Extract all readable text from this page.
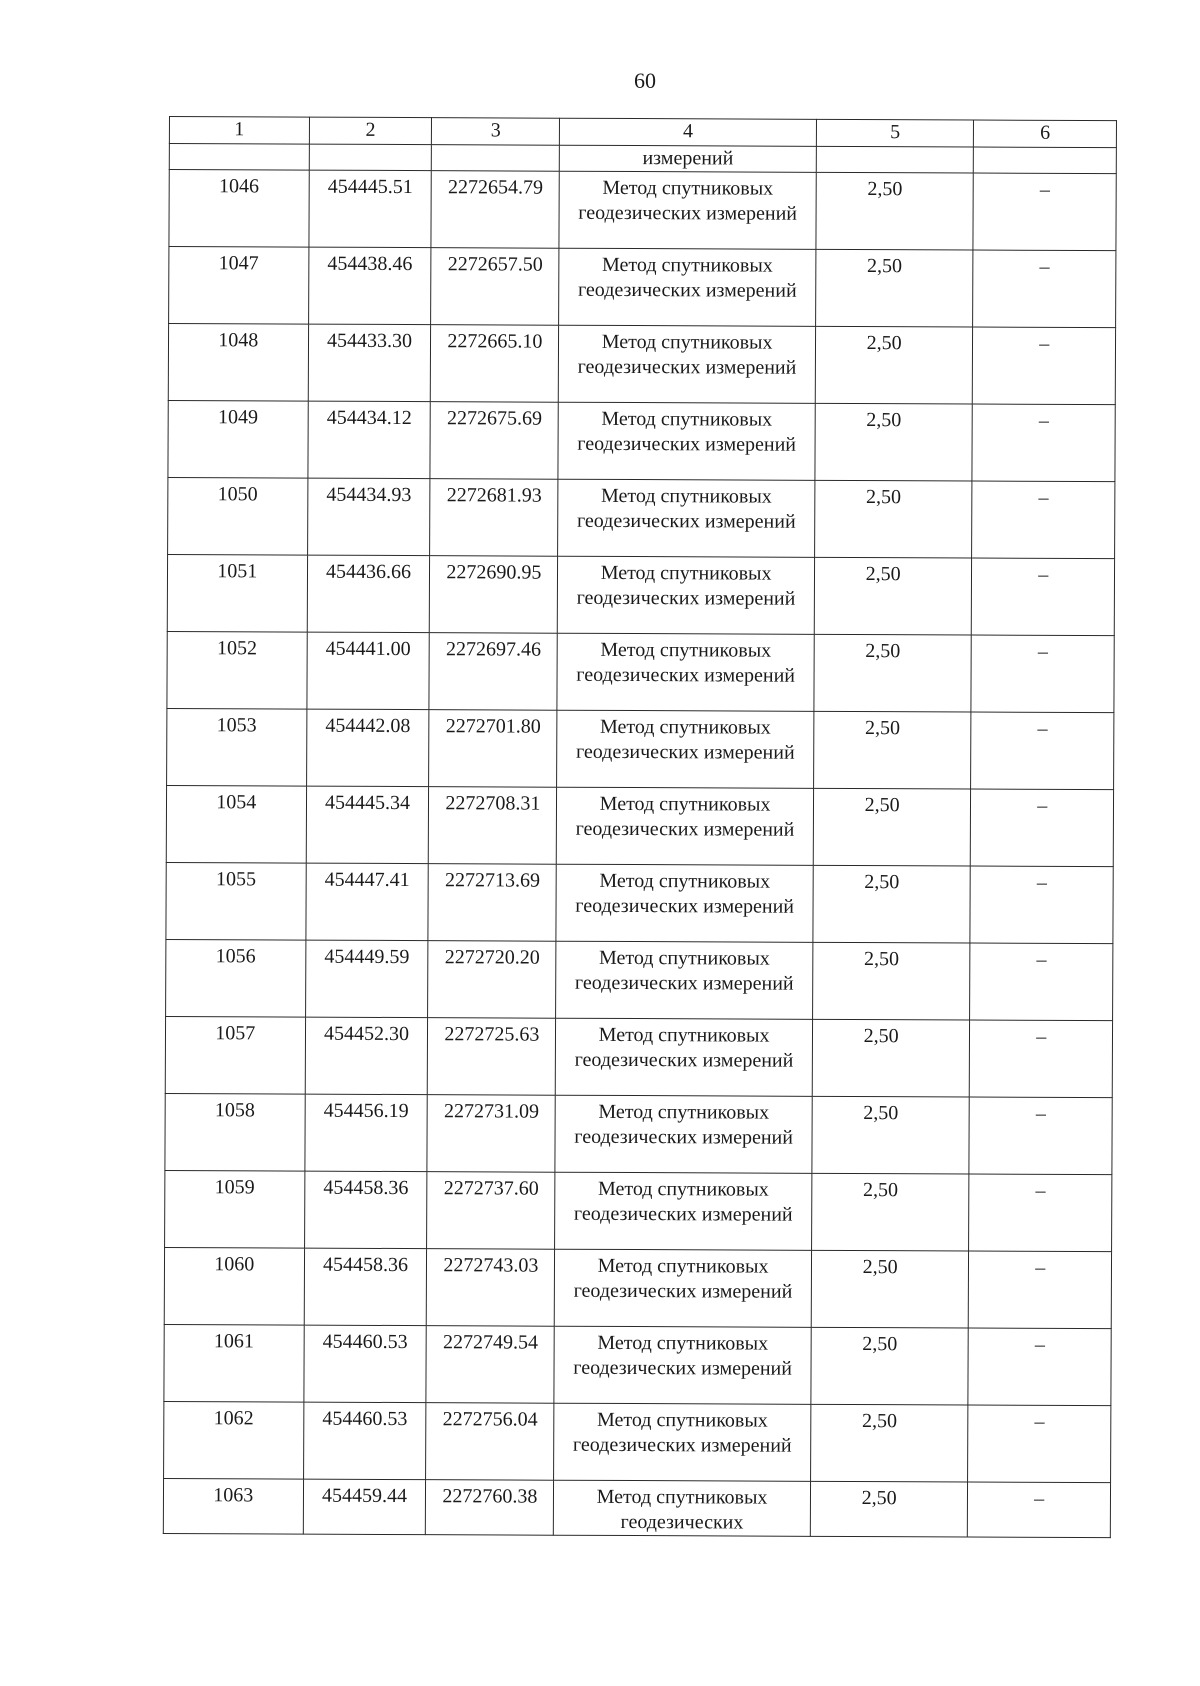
60
1	2	3	4	5	6
			измерений		
1046	454445.51	2272654.79	Метод спутниковых геодезических измерений	2,50	–
1047	454438.46	2272657.50	Метод спутниковых геодезических измерений	2,50	–
1048	454433.30	2272665.10	Метод спутниковых геодезических измерений	2,50	–
1049	454434.12	2272675.69	Метод спутниковых геодезических измерений	2,50	–
1050	454434.93	2272681.93	Метод спутниковых геодезических измерений	2,50	–
1051	454436.66	2272690.95	Метод спутниковых геодезических измерений	2,50	–
1052	454441.00	2272697.46	Метод спутниковых геодезических измерений	2,50	–
1053	454442.08	2272701.80	Метод спутниковых геодезических измерений	2,50	–
1054	454445.34	2272708.31	Метод спутниковых геодезических измерений	2,50	–
1055	454447.41	2272713.69	Метод спутниковых геодезических измерений	2,50	–
1056	454449.59	2272720.20	Метод спутниковых геодезических измерений	2,50	–
1057	454452.30	2272725.63	Метод спутниковых геодезических измерений	2,50	–
1058	454456.19	2272731.09	Метод спутниковых геодезических измерений	2,50	–
1059	454458.36	2272737.60	Метод спутниковых геодезических измерений	2,50	–
1060	454458.36	2272743.03	Метод спутниковых геодезических измерений	2,50	–
1061	454460.53	2272749.54	Метод спутниковых геодезических измерений	2,50	–
1062	454460.53	2272756.04	Метод спутниковых геодезических измерений	2,50	–
1063	454459.44	2272760.38	Метод спутниковых геодезических	2,50	–
